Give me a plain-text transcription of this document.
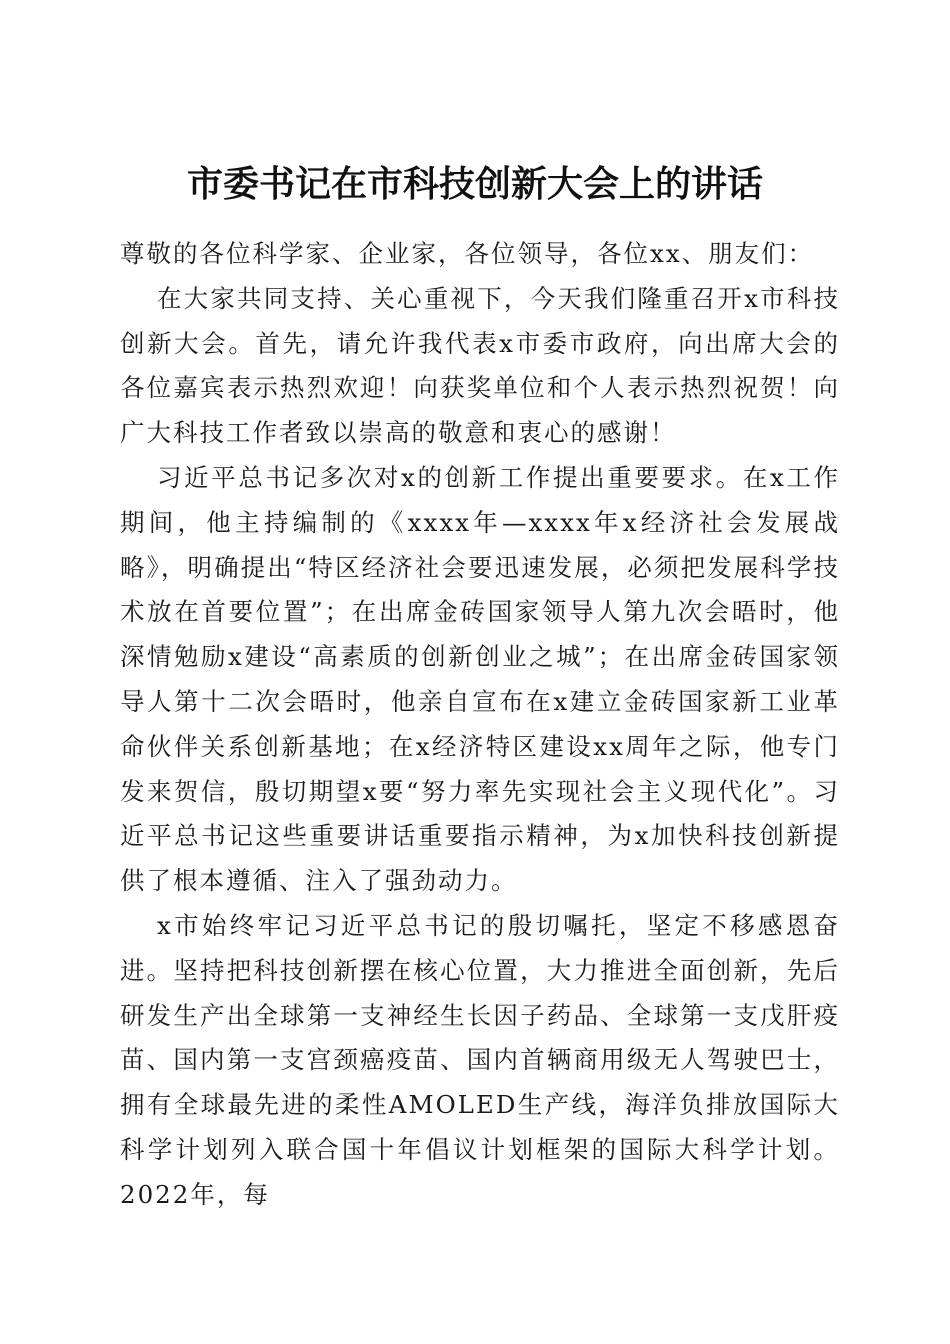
市委书记在市科技创新大会上的讲话

尊敬的各位科学家、企业家，各位领导，各位xx、朋友们：

在大家共同支持、关心重视下，今天我们隆重召开x市科技创新大会。首先，请允许我代表x市委市政府，向出席大会的各位嘉宾表示热烈欢迎！向获奖单位和个人表示热烈祝贺！向广大科技工作者致以崇高的敬意和衷心的感谢！

习近平总书记多次对x的创新工作提出重要要求。在x工作期间，他主持编制的《xxxx年—xxxx年x经济社会发展战略》，明确提出“特区经济社会要迅速发展，必须把发展科学技术放在首要位置”；在出席金砖国家领导人第九次会晤时，他深情勉励x建设“高素质的创新创业之城”；在出席金砖国家领导人第十二次会晤时，他亲自宣布在x建立金砖国家新工业革命伙伴关系创新基地；在x经济特区建设xx周年之际，他专门发来贺信，殷切期望x要“努力率先实现社会主义现代化”。习近平总书记这些重要讲话重要指示精神，为x加快科技创新提供了根本遵循、注入了强劲动力。

x市始终牢记习近平总书记的殷切嘱托，坚定不移感恩奋进。坚持把科技创新摆在核心位置，大力推进全面创新，先后研发生产出全球第一支神经生长因子药品、全球第一支戊肝疫苗、国内第一支宫颈癌疫苗、国内首辆商用级无人驾驶巴士，拥有全球最先进的柔性AMOLED生产线，海洋负排放国际大科学计划列入联合国十年倡议计划框架的国际大科学计划。2022年，每
